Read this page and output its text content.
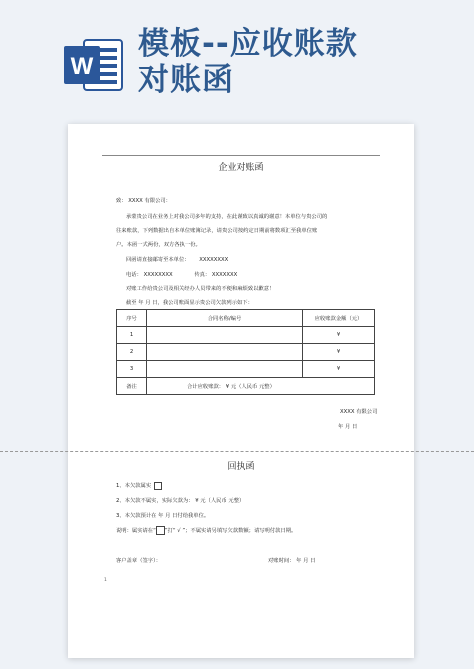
W
模板--应收账款
对账函
企业对账函
致： XXXX 有限公司：
承蒙贵公司在业务上对我公司多年的支持，在此谨致以真诚的谢意！本单位与贵公司的
往来账款，下列数据出自本单位账簿记录，请贵公司按约定日期前将数项汇至我单位账
户。本函一式两份，双方各执一份。
回函请直接邮寄至本单位： XXXXXXXX
电话： XXXXXXXX	传真： XXXXXXX
对账工作给贵公司及相关经办人员带来的不便和麻烦致以歉意！
截至 年 月 日，我公司账面显示贵公司欠款列示如下：
序号	合同名称/编号	应收账款金额（元）
1		¥
2		¥
3		¥
备注	合计应收账款： ¥ 元（人民币 元整）	
XXXX 有限公司
年 月 日
回执函
1、本欠款属实
2、本欠款不属实，实际欠款为： ¥ 元（人民币 元整）
3、本欠款预计在 年 月 日付给我单位。
说明：属实请在“ ”打“ √ ”；不属实请另填写欠款数额；请写明付款日期。
客户盖章（签字）：	对账时间： 年 月 日
1
